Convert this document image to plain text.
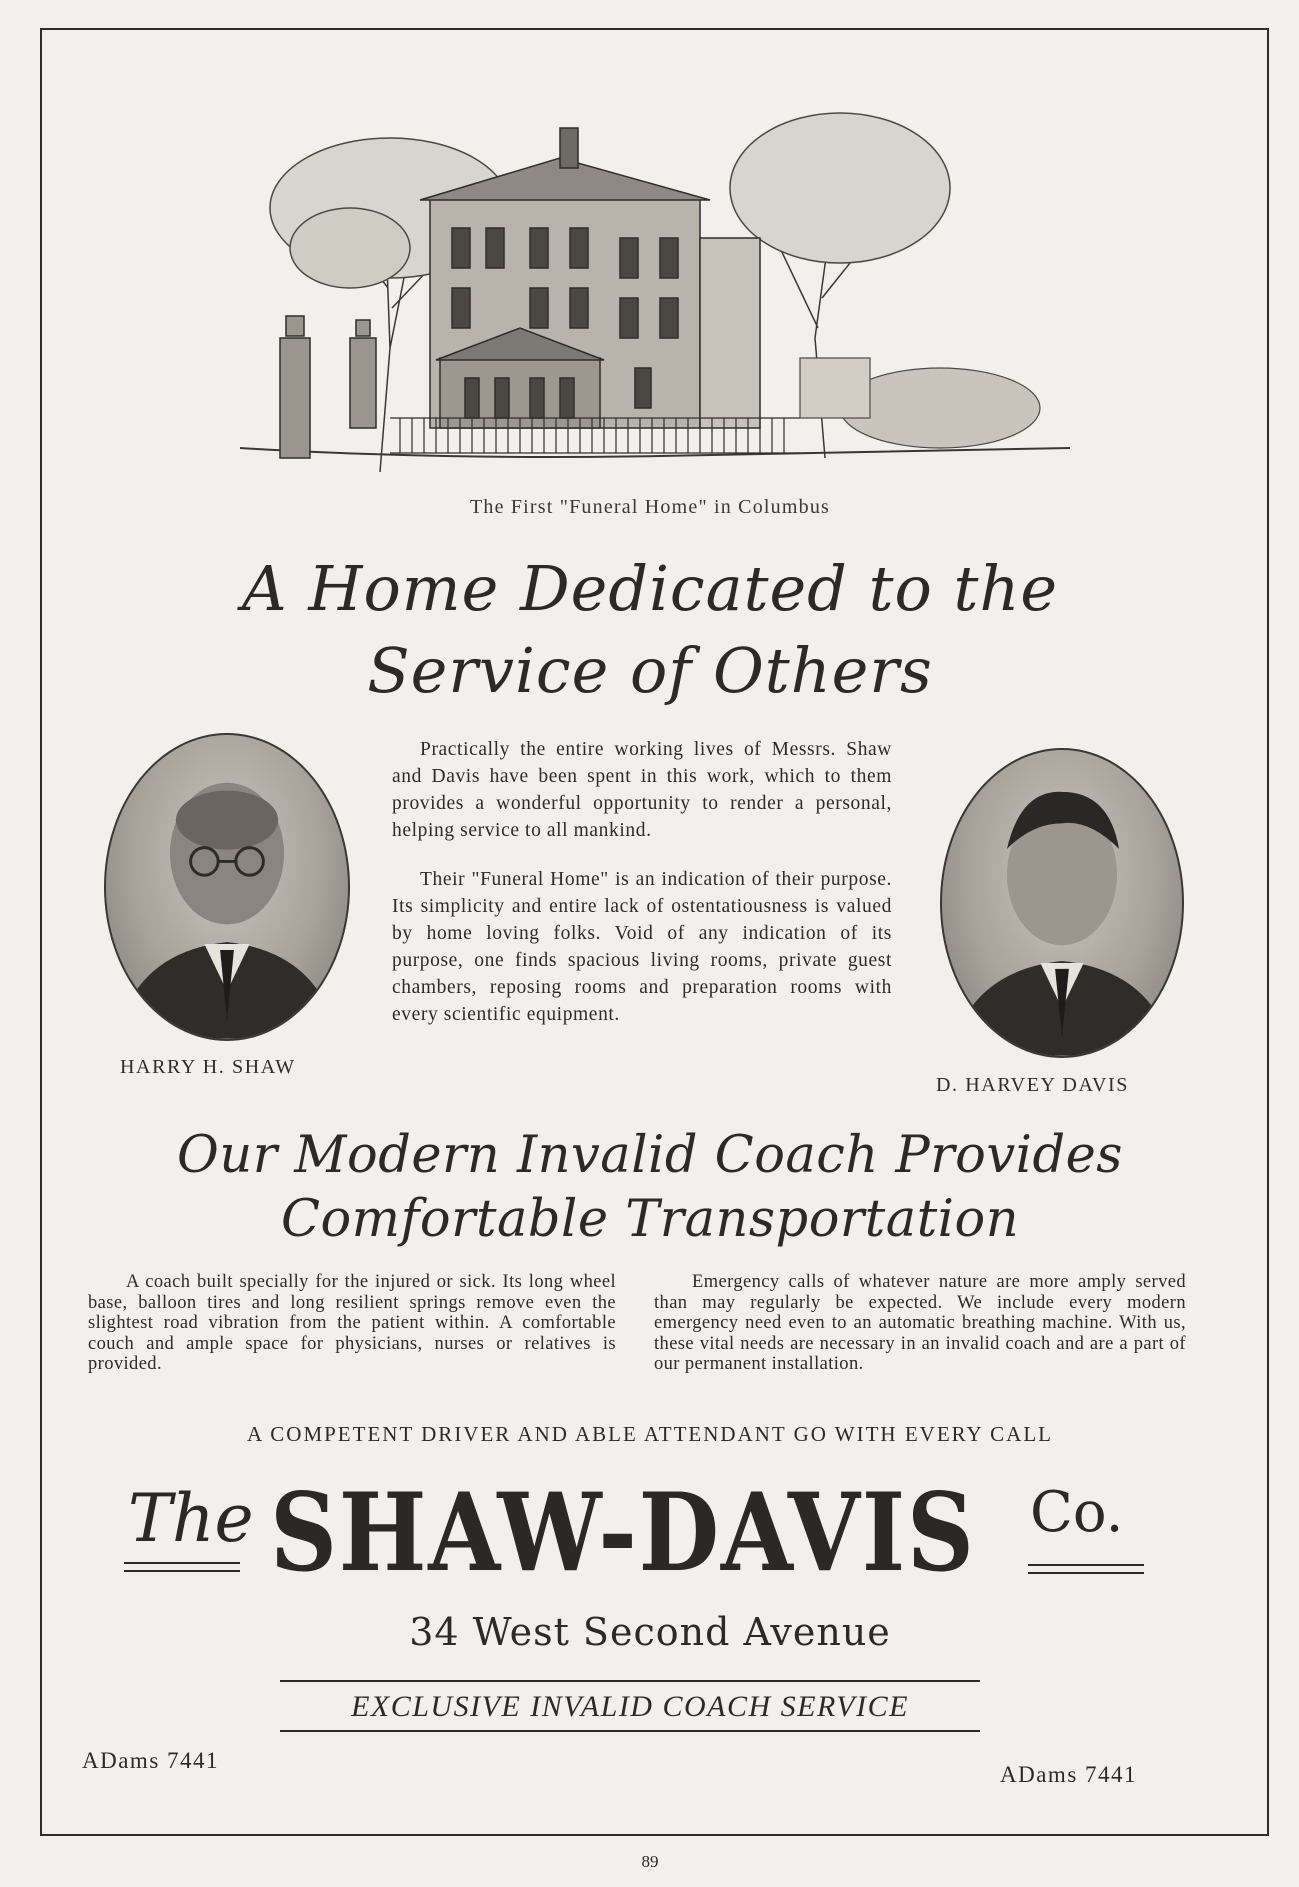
The First "Funeral Home" in Columbus
A Home Dedicated to the
Service of Others
HARRY H. SHAW
D. HARVEY DAVIS

Practically the entire working lives of Messrs. Shaw and Davis have been spent in this work, which to them provides a wonderful opportunity to render a personal, helping service to all mankind.

Their "Funeral Home" is an indication of their purpose. Its simplicity and entire lack of ostentatiousness is valued by home loving folks. Void of any indication of its purpose, one finds spacious living rooms, private guest chambers, reposing rooms and preparation rooms with every scientific equipment.

Our Modern Invalid Coach Provides
Comfortable Transportation

A coach built specially for the injured or sick. Its long wheel base, balloon tires and long resilient springs remove even the slightest road vibration from the patient within. A comfortable couch and ample space for physicians, nurses or relatives is provided.

Emergency calls of whatever nature are more amply served than may regularly be expected. We include every modern emergency need even to an automatic breathing machine. With us, these vital needs are necessary in an invalid coach and are a part of our permanent installation.

A COMPETENT DRIVER AND ABLE ATTENDANT GO WITH EVERY CALL
The SHAW-DAVIS Co.
34 West Second Avenue
EXCLUSIVE INVALID COACH SERVICE
ADams 7441
ADams 7441
89
